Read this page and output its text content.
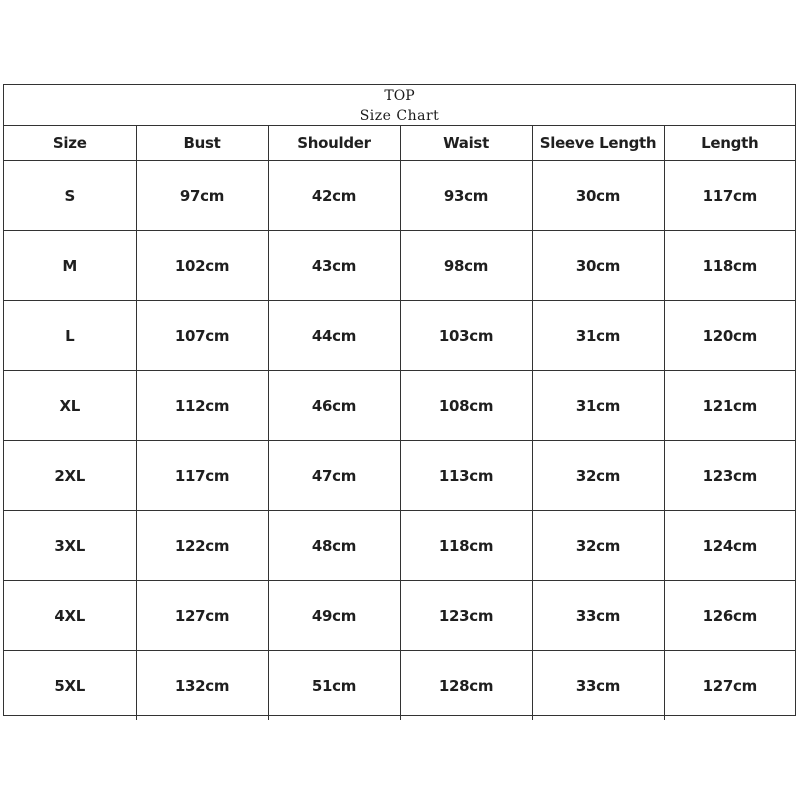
TOP
Size Chart
Size	Bust	Shoulder	Waist	Sleeve Length	Length
S	97cm	42cm	93cm	30cm	117cm
M	102cm	43cm	98cm	30cm	118cm
L	107cm	44cm	103cm	31cm	120cm
XL	112cm	46cm	108cm	31cm	121cm
2XL	117cm	47cm	113cm	32cm	123cm
3XL	122cm	48cm	118cm	32cm	124cm
4XL	127cm	49cm	123cm	33cm	126cm
5XL	132cm	51cm	128cm	33cm	127cm
